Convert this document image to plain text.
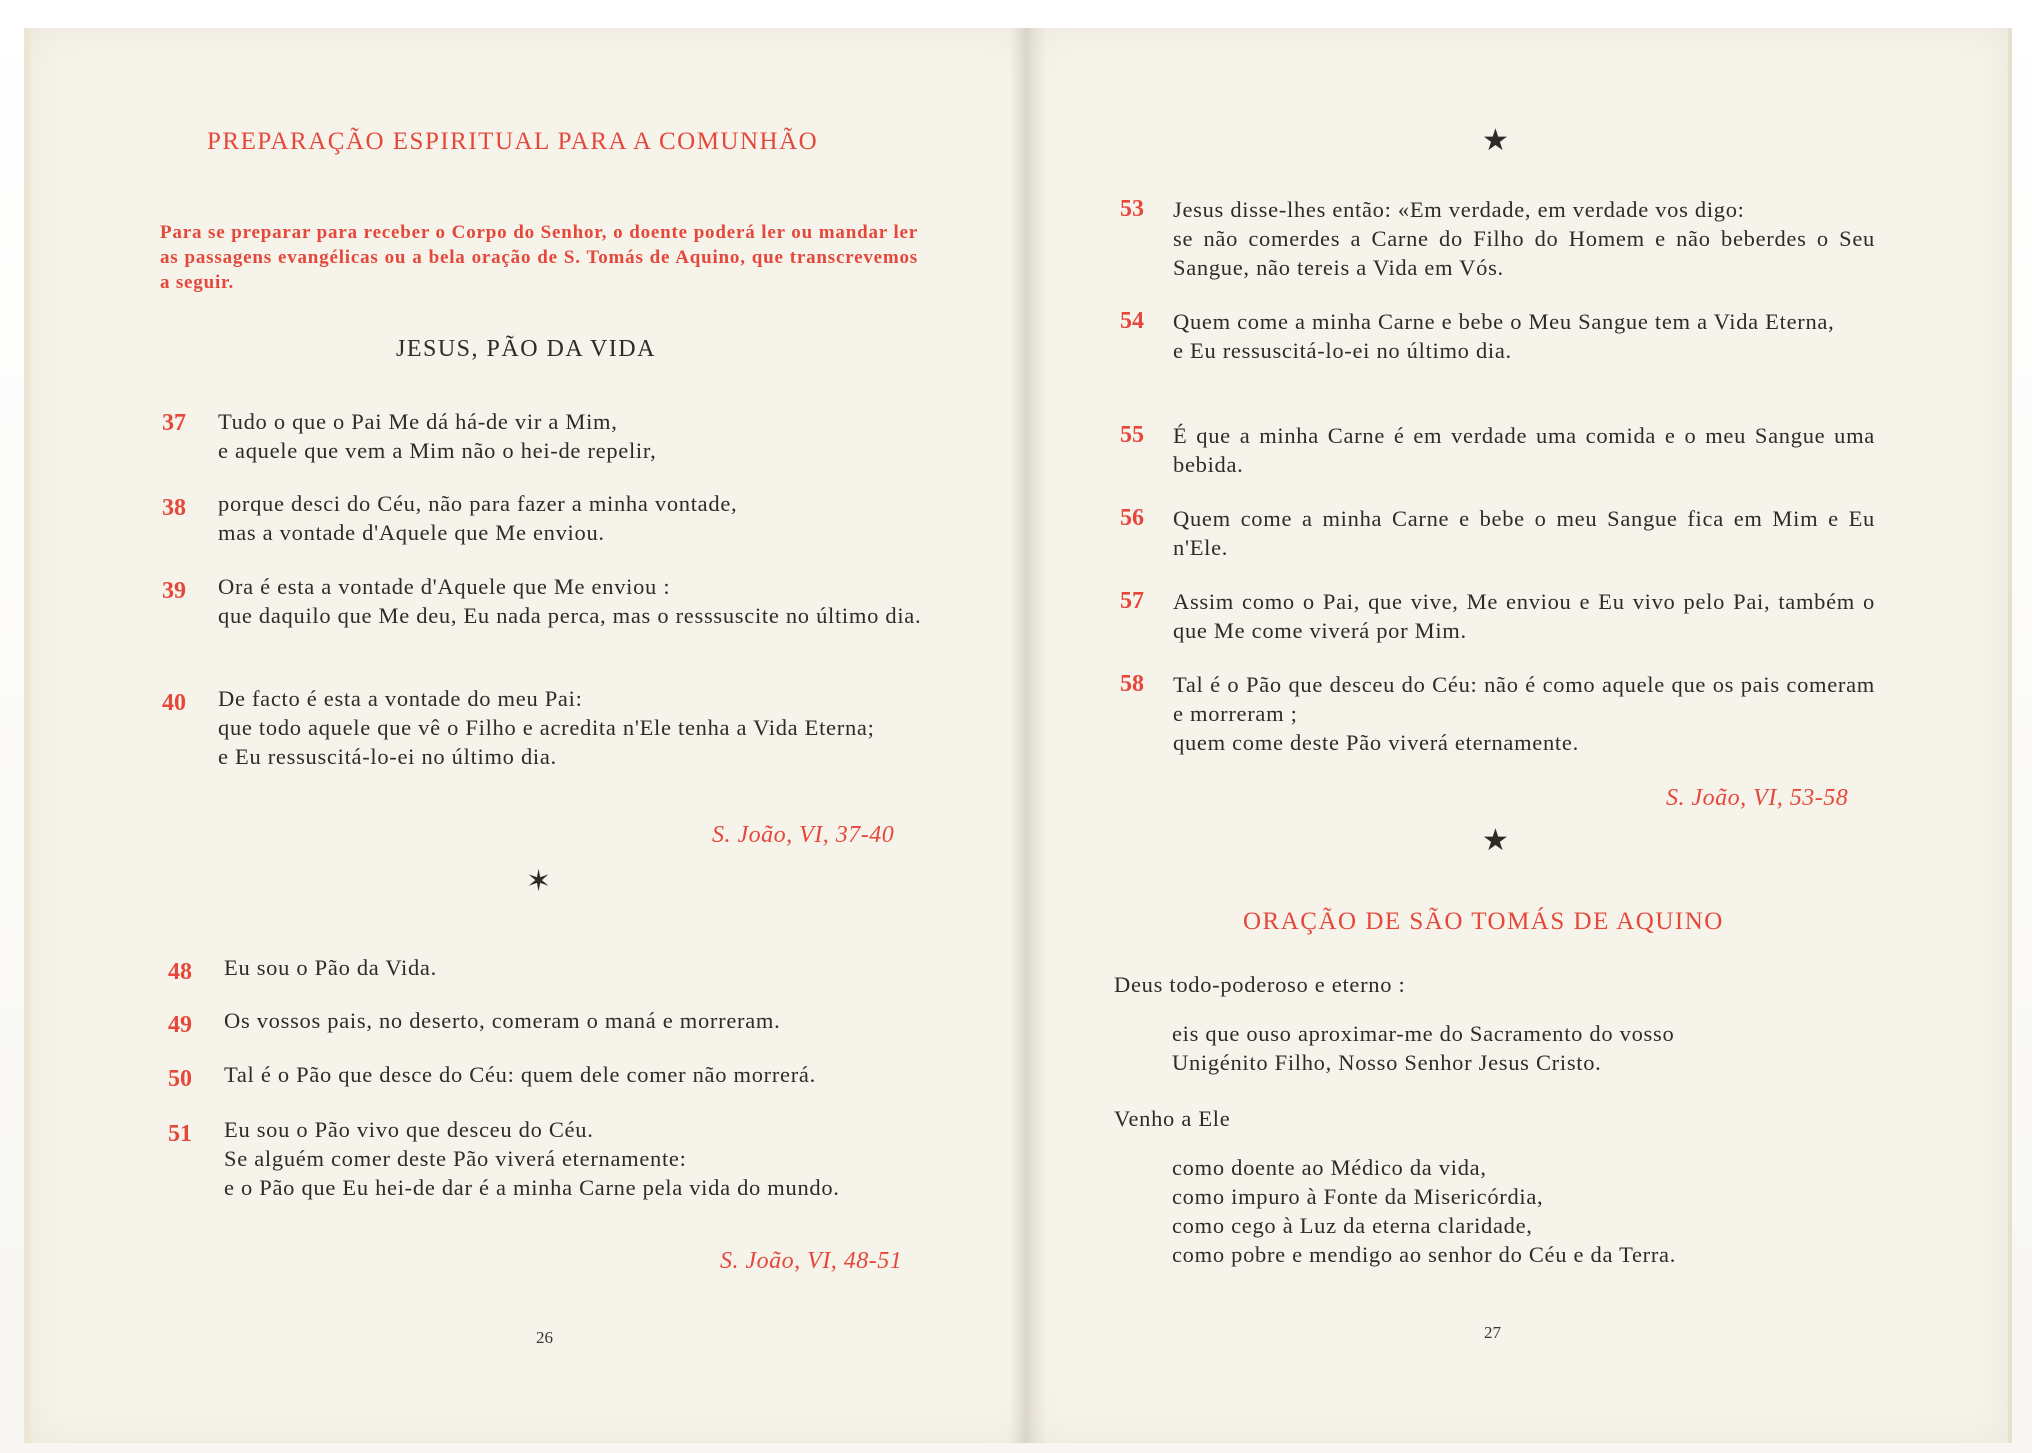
PREPARAÇÃO ESPIRITUAL PARA A COMUNHÃO
Para se preparar para receber o Corpo do Senhor, o doente poderá ler ou mandar ler as passagens evangélicas ou a bela oração de S. Tomás de Aquino, que transcrevemos a seguir.
JESUS, PÃO DA VIDA
37 Tudo o que o Pai Me dá há-de vir a Mim,
e aquele que vem a Mim não o hei-de repelir,
38 porque desci do Céu, não para fazer a minha vontade,
mas a vontade d'Aquele que Me enviou.
39 Ora é esta a vontade d'Aquele que Me enviou :
que daquilo que Me deu, Eu nada perca, mas o resssuscite no último dia.
40 De facto é esta a vontade do meu Pai:
que todo aquele que vê o Filho e acredita n'Ele tenha a Vida Eterna;
e Eu ressuscitá-lo-ei no último dia.
S. João, VI, 37-40
✶
48 Eu sou o Pão da Vida.
49 Os vossos pais, no deserto, comeram o maná e morreram.
50 Tal é o Pão que desce do Céu: quem dele comer não morrerá.
51 Eu sou o Pão vivo que desceu do Céu.
Se alguém comer deste Pão viverá eternamente:
e o Pão que Eu hei-de dar é a minha Carne pela vida do mundo.
S. João, VI, 48-51
26
★
53 Jesus disse-lhes então: «Em verdade, em verdade vos digo:
se não comerdes a Carne do Filho do Homem e não beberdes o Seu Sangue, não tereis a Vida em Vós.
54 Quem come a minha Carne e bebe o Meu Sangue tem a Vida Eterna,
e Eu ressuscitá-lo-ei no último dia.
55 É que a minha Carne é em verdade uma comida e o meu Sangue uma bebida.
56 Quem come a minha Carne e bebe o meu Sangue fica em Mim e Eu n'Ele.
57 Assim como o Pai, que vive, Me enviou e Eu vivo pelo Pai, também o que Me come viverá por Mim.
58 Tal é o Pão que desceu do Céu: não é como aquele que os pais comeram e morreram ;
quem come deste Pão viverá eternamente.
S. João, VI, 53-58
★
ORAÇÃO DE SÃO TOMÁS DE AQUINO
Deus todo-poderoso e eterno :
eis que ouso aproximar-me do Sacramento do vosso
Unigénito Filho, Nosso Senhor Jesus Cristo.
Venho a Ele
como doente ao Médico da vida,
como impuro à Fonte da Misericórdia,
como cego à Luz da eterna claridade,
como pobre e mendigo ao senhor do Céu e da Terra.
27
